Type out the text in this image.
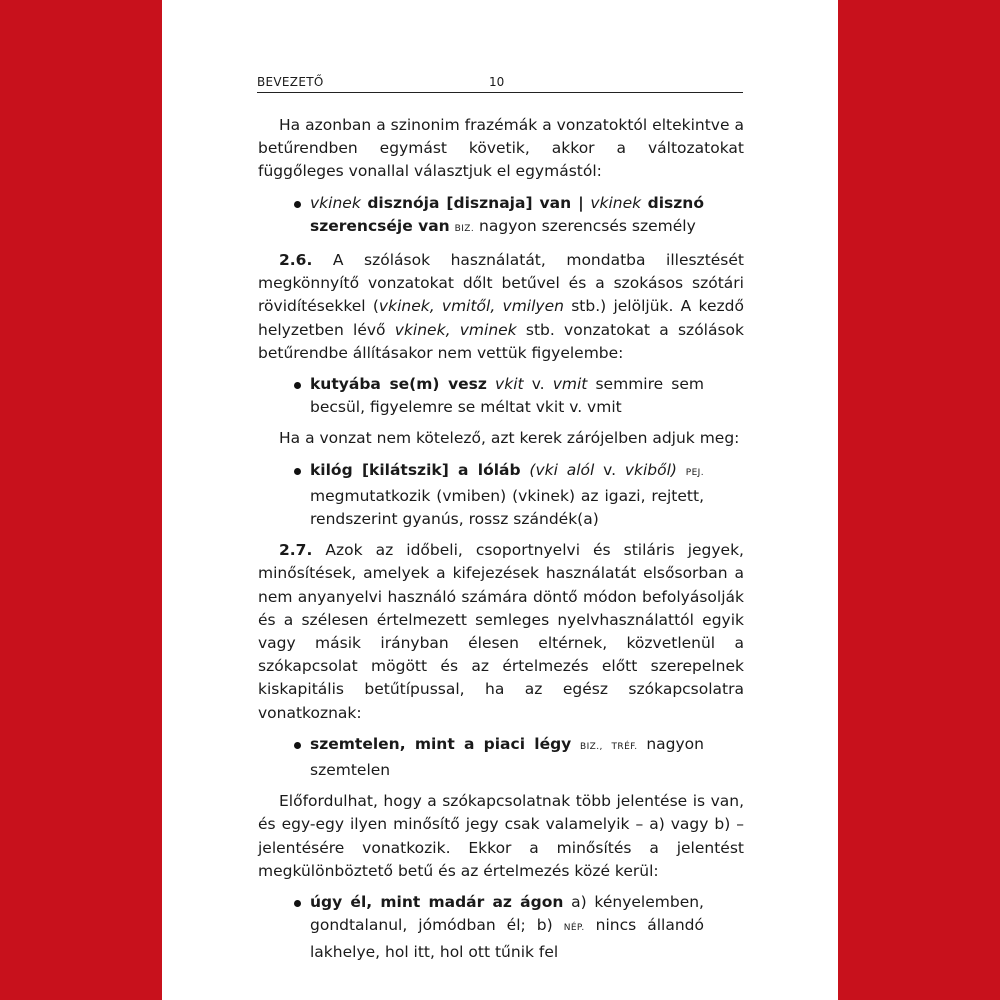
BEVEZETŐ	10

Ha azonban a szinonim frazémák a vonzatoktól eltekintve a betűrendben egymást követik, akkor a változatokat függőleges vonallal választjuk el egymástól:

vkinek disznója [disznaja] van | vkinek disznó szerencséje van BIZ. nagyon szerencsés személy

2.6. A szólások használatát, mondatba illesztését megkönnyítő vonzatokat dőlt betűvel és a szokásos szótári rövidítésekkel (vkinek, vmitől, vmilyen stb.) jelöljük. A kezdő helyzetben lévő vkinek, vminek stb. vonzatokat a szólások betűrendbe állításakor nem vettük figyelembe:

kutyába se(m) vesz vkit v. vmit semmire sem becsül, figyelemre se méltat vkit v. vmit

Ha a vonzat nem kötelező, azt kerek zárójelben adjuk meg:

kilóg [kilátszik] a lóláb (vki alól v. vkiből) PEJ. megmutatkozik (vmiben) (vkinek) az igazi, rejtett, rendszerint gyanús, rossz szándék(a)

2.7. Azok az időbeli, csoportnyelvi és stiláris jegyek, minősítések, amelyek a kifejezések használatát elsősorban a nem anyanyelvi használó számára döntő módon befolyásolják és a szélesen értelmezett semleges nyelvhasználattól egyik vagy másik irányban élesen eltérnek, közvetlenül a szókapcsolat mögött és az értelmezés előtt szerepelnek kiskapitális betűtípussal, ha az egész szókapcsolatra vonatkoznak:

szemtelen, mint a piaci légy BIZ., TRÉF. nagyon szemtelen

Előfordulhat, hogy a szókapcsolatnak több jelentése is van, és egy-egy ilyen minősítő jegy csak valamelyik – a) vagy b) – jelentésére vonatkozik. Ekkor a minősítés a jelentést megkülönböztető betű és az értelmezés közé kerül:

úgy él, mint madár az ágon a) kényelemben, gondtalanul, jómódban él; b) NÉP. nincs állandó lakhelye, hol itt, hol ott tűnik fel
